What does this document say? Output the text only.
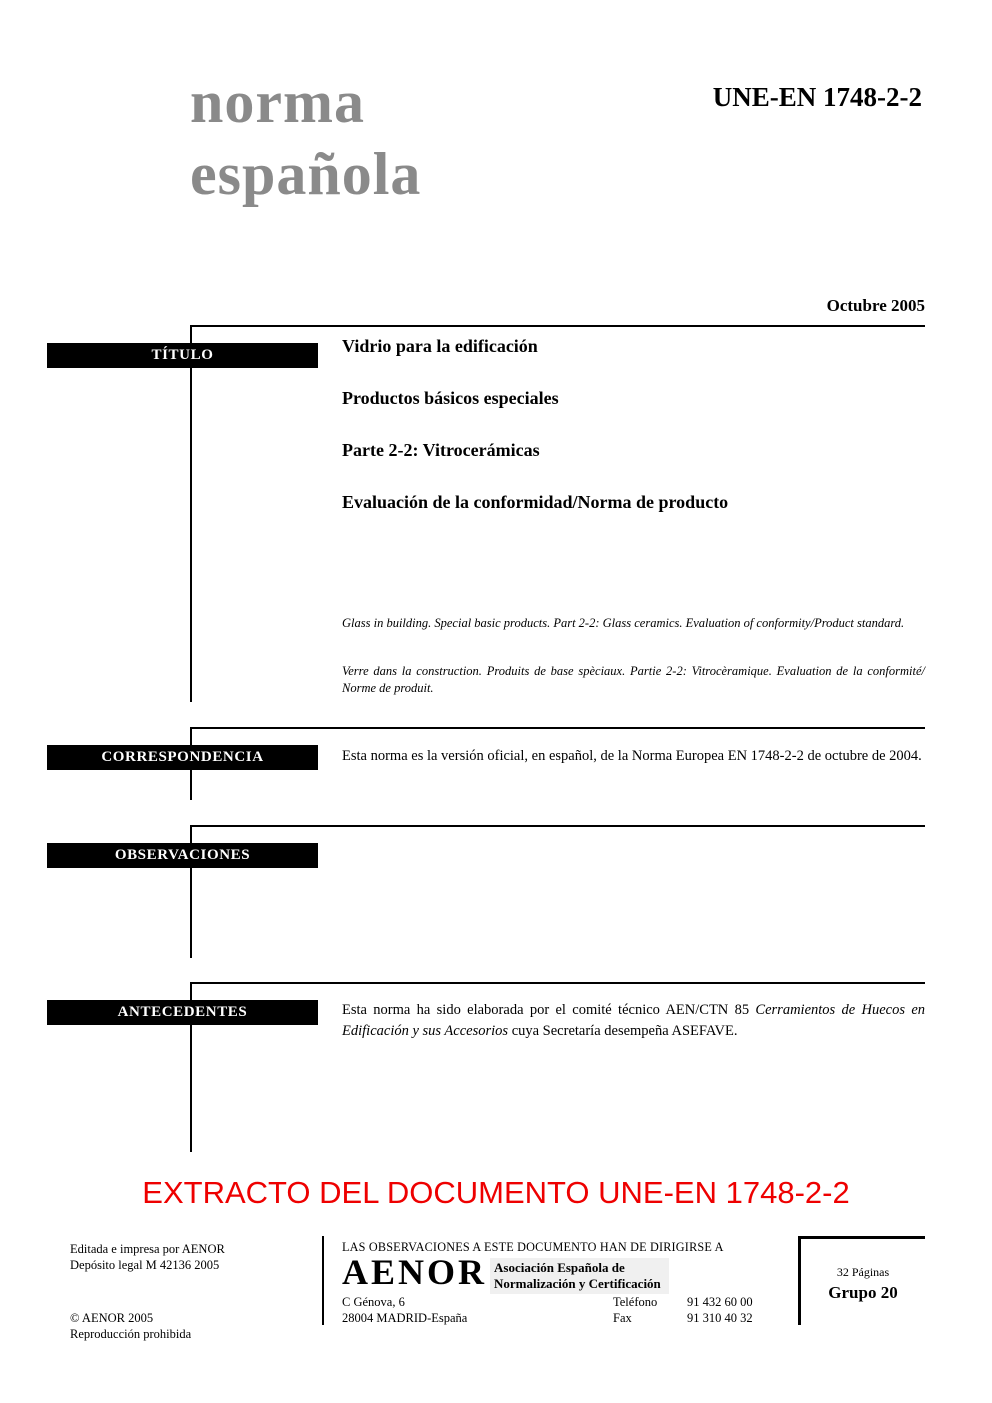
norma
española
UNE-EN 1748-2-2
Octubre 2005
TÍTULO	Vidrio para la edificación

Productos básicos especiales

Parte 2-2: Vitrocerámicas

Evaluación de la conformidad/Norma de producto

Glass in building. Special basic products. Part 2-2: Glass ceramics. Evaluation of conformity/Product standard.
Verre dans la construction. Produits de base spèciaux. Partie 2-2: Vitrocèramique. Evaluation de la conformité/ Norme de produit.
CORRESPONDENCIA	Esta norma es la versión oficial, en español, de la Norma Europea EN 1748-2-2 de octubre de 2004.

OBSERVACIONES
ANTECEDENTES	Esta norma ha sido elaborada por el comité técnico AEN/CTN 85 Cerramientos de Huecos en Edificación y sus Accesorios cuya Secretaría desempeña ASEFAVE.

EXTRACTO DEL DOCUMENTO UNE-EN 1748-2-2
Editada e impresa por AENOR
Depósito legal M 42136 2005
© AENOR 2005
Reproducción prohibida
LAS OBSERVACIONES A ESTE DOCUMENTO HAN DE DIRIGIRSE A
AENOR Asociación Española de
Normalización y Certificación
C Génova, 6
28004 MADRID-España
Teléfono 91 432 60 00
Fax	91 310 40 32
32 Páginas
Grupo 20
